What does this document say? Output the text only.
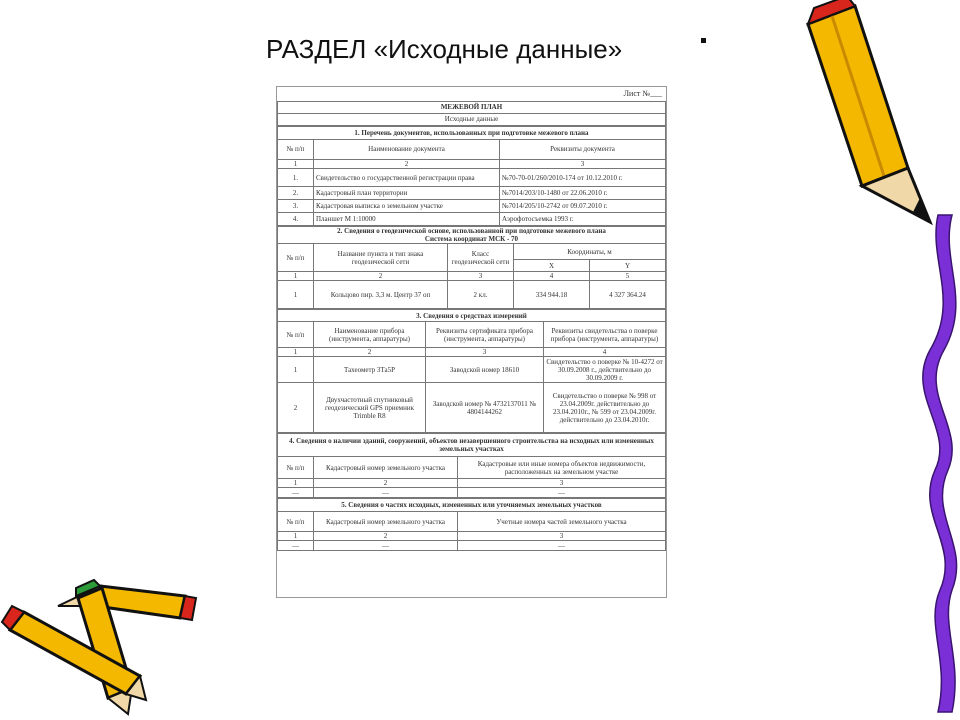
РАЗДЕЛ «Исходные данные»
Лист №___
МЕЖЕВОЙ ПЛАН
Исходные данные
1. Перечень документов, использованных при подготовке межевого плана		
№ п/п	Наименование документа	Реквизиты документа
1	2	3
1.	Свидетельство о государственной регистрации права	№70-70-01/260/2010-174 от 10.12.2010 г.
2.	Кадастровый план территории	№7014/203/10-1480 от 22.06.2010 г.
3.	Кадастровая выписка о земельном участке	№7014/205/10-2742 от 09.07.2010 г.
4.	Планшет М 1:10000	Аэрофотосъемка 1993 г.
2. Сведения о геодезической основе, использованной при подготовке межевого плана
Система координат МСК - 70				
№ п/п	Название пункта и тип знака геодезической сети	Класс геодезической сети	Координаты, м	
			X	Y
1	2	3	4	5
1	Кольцово пир. 3,3 м. Центр 37 оп	2 кл.	334 944.18	4 327 364.24
3. Сведения о средствах измерений			
№ п/п	Наименование прибора (инструмента, аппаратуры)	Реквизиты сертификата прибора (инструмента, аппаратуры)	Реквизиты свидетельства о поверке прибора (инструмента, аппаратуры)
1	2	3	4
1	Тахеометр 3Та5Р	Заводской номер 18610	Свидетельство о поверке № 10-4272 от 30.09.2008 г., действительно до 30.09.2009 г.
2	Двухчастотный спутниковый геодезический GPS приемник Trimble R8	Заводской номер № 4732137011 № 4804144262	Свидетельство о поверке № 998 от 23.04.2009г. действительно до 23.04.2010г., № 599 от 23.04.2009г. действительно до 23.04.2010г.
4. Сведения о наличии зданий, сооружений, объектов незавершенного строительства на исходных или измененных земельных участках		
№ п/п	Кадастровый номер земельного участка	Кадастровые или иные номера объектов недвижимости, расположенных на земельном участке
1	2	3
—	—	—
5. Сведения о частях исходных, измененных или уточняемых земельных участков		
№ п/п	Кадастровый номер земельного участка	Учетные номера частей земельного участка
1	2	3
—	—	—
